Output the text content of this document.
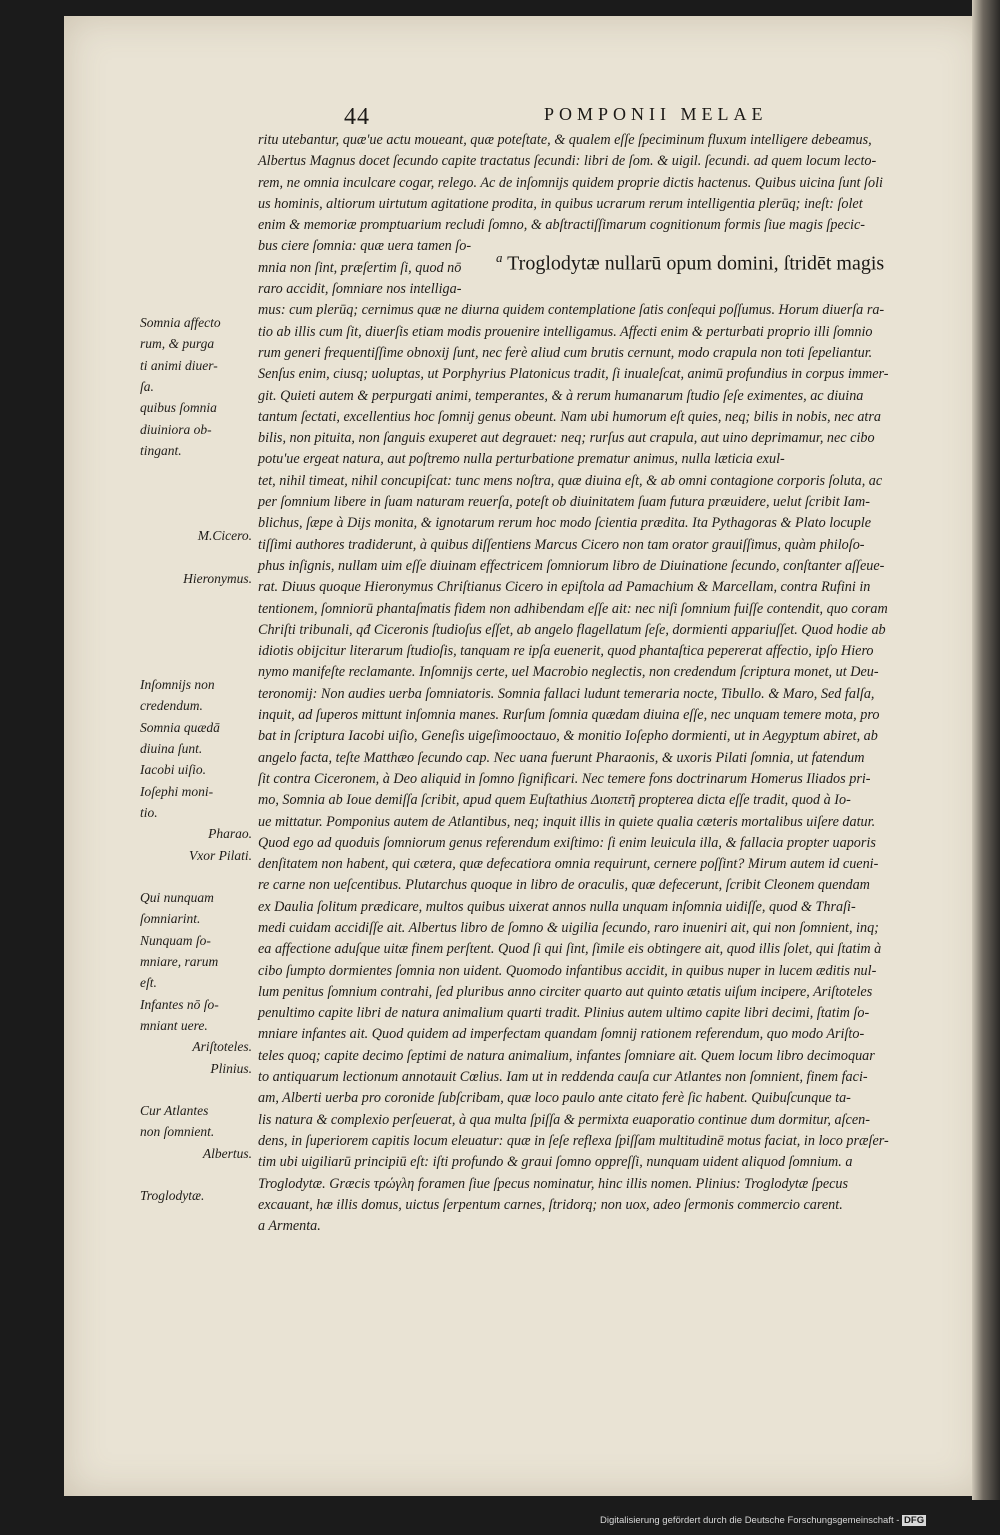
44	POMPONII MELAE
$^a$ Troglodytæ nullarū opum domini, ſtridēt magis
ritu utebantur, quæ'ue actu moueant, quæ poteſtate, & qualem eſſe ſpeciminum fluxum intelligere debeamus,
Albertus Magnus docet ſecundo capite tractatus ſecundi: libri de ſom. & uigil. ſecundi. ad quem locum lecto-
rem, ne omnia inculcare cogar, relego. Ac de inſomnijs quidem proprie dictis hactenus. Quibus uicina ſunt ſoli
us hominis, altiorum uirtutum agitatione prodita, in quibus ucrarum rerum intelligentia plerūq; ineſt: ſolet
enim & memoriæ promptuarium recludi ſomno, & abſtractiſſimarum cognitionum formis ſiue magis ſpecic-
bus ciere ſomnia: quæ uera tamen ſo-
mnia non ſint, præſertim ſi, quod nō
raro accidit, ſomniare nos intelliga-
mus: cum plerūq; cernimus quæ ne diurna quidem contemplatione ſatis conſequi poſſumus. Horum diuerſa ra-
tio ab illis cum ſit, diuerſis etiam modis prouenire intelligamus. Affecti enim & perturbati proprio illi ſomnio
rum generi frequentiſſime obnoxij ſunt, nec ferè aliud cum brutis cernunt, modo crapula non toti ſepeliantur.
Senſus enim, ciusq; uoluptas, ut Porphyrius Platonicus tradit, ſi inualeſcat, animū profundius in corpus immer-
git. Quieti autem & perpurgati animi, temperantes, & à rerum humanarum ſtudio ſeſe eximentes, ac diuina
tantum ſectati, excellentius hoc ſomnij genus obeunt. Nam ubi humorum eſt quies, neq; bilis in nobis, nec atra
bilis, non pituita, non ſanguis exuperet aut degrauet: neq; rurſus aut crapula, aut uino deprimamur, nec cibo
potu'ue ergeat natura, aut poſtremo nulla perturbatione prematur animus, nulla læticia exul-
tet, nihil timeat, nihil concupiſcat: tunc mens noſtra, quæ diuina eſt, & ab omni contagione corporis ſoluta, ac
per ſomnium libere in ſuam naturam reuerſa, poteſt ob diuinitatem ſuam futura præuidere, uelut ſcribit Iam-
blichus, ſæpe à Dijs monita, & ignotarum rerum hoc modo ſcientia prædita. Ita Pythagoras & Plato locuple
tiſſimi authores tradiderunt, à quibus diſſentiens Marcus Cicero non tam orator grauiſſimus, quàm philoſo-
phus inſignis, nullam uim eſſe diuinam effectricem ſomniorum libro de Diuinatione ſecundo, conſtanter aſſeue-
rat. Diuus quoque Hieronymus Chriſtianus Cicero in epiſtola ad Pamachium & Marcellam, contra Rufini in
tentionem, ſomniorū phantaſmatis fidem non adhibendam eſſe ait: nec niſi ſomnium fuiſſe contendit, quo coram
Chriſti tribunali, qđ Ciceronis ſtudioſus eſſet, ab angelo flagellatum ſeſe, dormienti appariuſſet. Quod hodie ab
idiotis obijcitur literarum ſtudioſis, tanquam re ipſa euenerit, quod phantaſtica pepererat affectio, ipſo Hiero
nymo manifeſte reclamante. Inſomnijs certe, uel Macrobio neglectis, non credendum ſcriptura monet, ut Deu-
teronomij: Non audies uerba ſomniatoris. Somnia fallaci ludunt temeraria nocte, Tibullo. & Maro, Sed falſa,
inquit, ad ſuperos mittunt inſomnia manes. Rurſum ſomnia quædam diuina eſſe, nec unquam temere mota, pro
bat in ſcriptura Iacobi uiſio, Geneſis uigeſimooctauo, & monitio Ioſepho dormienti, ut in Aegyptum abiret, ab
angelo facta, teſte Matthæo ſecundo cap. Nec uana fuerunt Pharaonis, & uxoris Pilati ſomnia, ut fatendum
ſit contra Ciceronem, à Deo aliquid in ſomno ſignificari. Nec temere fons doctrinarum Homerus Iliados pri-
mo, Somnia ab Ioue demiſſa ſcribit, apud quem Euſtathius Διοπετῆ propterea dicta eſſe tradit, quod à Io-
ue mittatur. Pomponius autem de Atlantibus, neq; inquit illis in quiete qualia cæteris mortalibus uiſere datur.
Quod ego ad quoduis ſomniorum genus referendum exiſtimo: ſi enim leuicula illa, & fallacia propter uaporis
denſitatem non habent, qui cætera, quæ defecatiora omnia requirunt, cernere poſſint? Mirum autem id cueni-
re carne non ueſcentibus. Plutarchus quoque in libro de oraculis, quæ defecerunt, ſcribit Cleonem quendam
ex Daulia ſolitum prædicare, multos quibus uixerat annos nulla unquam inſomnia uidiſſe, quod & Thraſi-
medi cuidam accidiſſe ait. Albertus libro de ſomno & uigilia ſecundo, raro inueniri ait, qui non ſomnient, inq;
ea affectione aduſque uitæ finem perſtent. Quod ſi qui ſint, ſimile eis obtingere ait, quod illis ſolet, qui ſtatim à
cibo ſumpto dormientes ſomnia non uident. Quomodo infantibus accidit, in quibus nuper in lucem æditis nul-
lum penitus ſomnium contrahi, ſed pluribus anno circiter quarto aut quinto ætatis uiſum incipere, Ariſtoteles
penultimo capite libri de natura animalium quarti tradit. Plinius autem ultimo capite libri decimi, ſtatim ſo-
mniare infantes ait. Quod quidem ad imperfectam quandam ſomnij rationem referendum, quo modo Ariſto-
teles quoq; capite decimo ſeptimi de natura animalium, infantes ſomniare ait. Quem locum libro decimoquar
to antiquarum lectionum annotauit Cœlius. Iam ut in reddenda cauſa cur Atlantes non ſomnient, finem faci-
am, Alberti uerba pro coronide ſubſcribam, quæ loco paulo ante citato ferè ſic habent. Quibuſcunque ta-
lis natura & complexio perſeuerat, à qua multa ſpiſſa & permixta euaporatio continue dum dormitur, aſcen-
dens, in ſuperiorem capitis locum eleuatur: quæ in ſeſe reflexa ſpiſſam multitudinē motus faciat, in loco præſer-
tim ubi uigiliarū principiū eſt: iſti profundo & graui ſomno oppreſſi, nunquam uident aliquod ſomnium. a
Troglodytæ. Græcis τρώγλη foramen ſiue ſpecus nominatur, hinc illis nomen. Plinius: Troglodytæ ſpecus
excauant, hæ illis domus, uictus ſerpentum carnes, ſtridorq; non uox, adeo ſermonis commercio carent.
a Armenta.
Somnia affecto
rum, & purga
ti animi diuer-
ſa.
quibus ſomnia
diuiniora ob-
tingant.
M.Cicero.
Hieronymus.
Inſomnijs non
credendum.
Somnia quædā
diuina ſunt.
Iacobi uiſio.
Ioſephi moni-
tio.
Pharao.
Vxor Pilati.
Qui nunquam
ſomniarint.
Nunquam ſo-
mniare, rarum
eſt.
Infantes nō ſo-
mniant uere.
Ariſtoteles.
Plinius.
Cur Atlantes
non ſomnient.
Albertus.
Troglodytæ.
Digitalisierung gefördert durch die Deutsche Forschungsgemeinschaft - DFG
